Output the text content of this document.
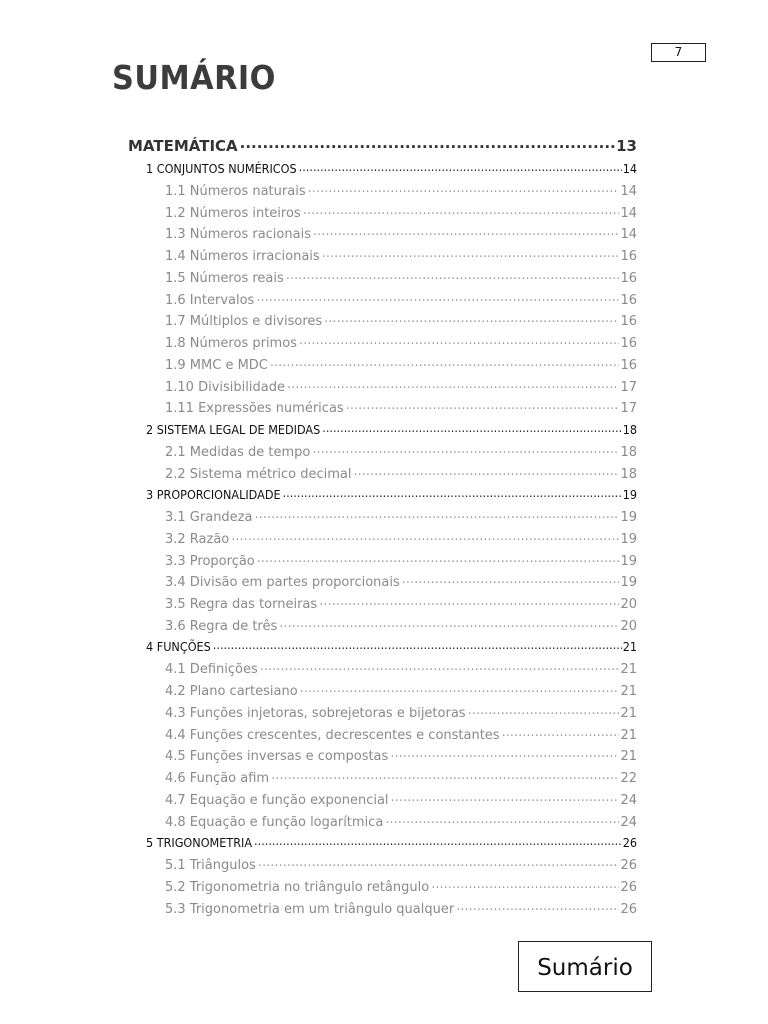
7
SUMÁRIO
MATEMÁTICA .....	13
1 CONJUNTOS NUMÉRICOS .....	14
1.1 Números naturais .....	14
1.2 Números inteiros .....	14
1.3 Números racionais .....	14
1.4 Números irracionais .....	16
1.5 Números reais .....	16
1.6 Intervalos .....	16
1.7 Múltiplos e divisores .....	16
1.8 Números primos .....	16
1.9 MMC e MDC .....	16
1.10 Divisibilidade .....	17
1.11 Expressões numéricas .....	17
2 SISTEMA LEGAL DE MEDIDAS .....	18
2.1 Medidas de tempo .....	18
2.2 Sistema métrico decimal .....	18
3 PROPORCIONALIDADE .....	19
3.1 Grandeza .....	19
3.2 Razão .....	19
3.3 Proporção .....	19
3.4 Divisão em partes proporcionais .....	19
3.5 Regra das torneiras .....	20
3.6 Regra de três .....	20
4 FUNÇÕES .....	21
4.1 Definições .....	21
4.2 Plano cartesiano .....	21
4.3 Funções injetoras, sobrejetoras e bijetoras .....	21
4.4 Funções crescentes, decrescentes e constantes .....	21
4.5 Funções inversas e compostas .....	21
4.6 Função afim .....	22
4.7 Equação e função exponencial .....	24
4.8 Equação e função logarítmica .....	24
5 TRIGONOMETRIA .....	26
5.1 Triângulos .....	26
5.2 Trigonometria no triângulo retângulo .....	26
5.3 Trigonometria em um triângulo qualquer .....	26
Sumário
